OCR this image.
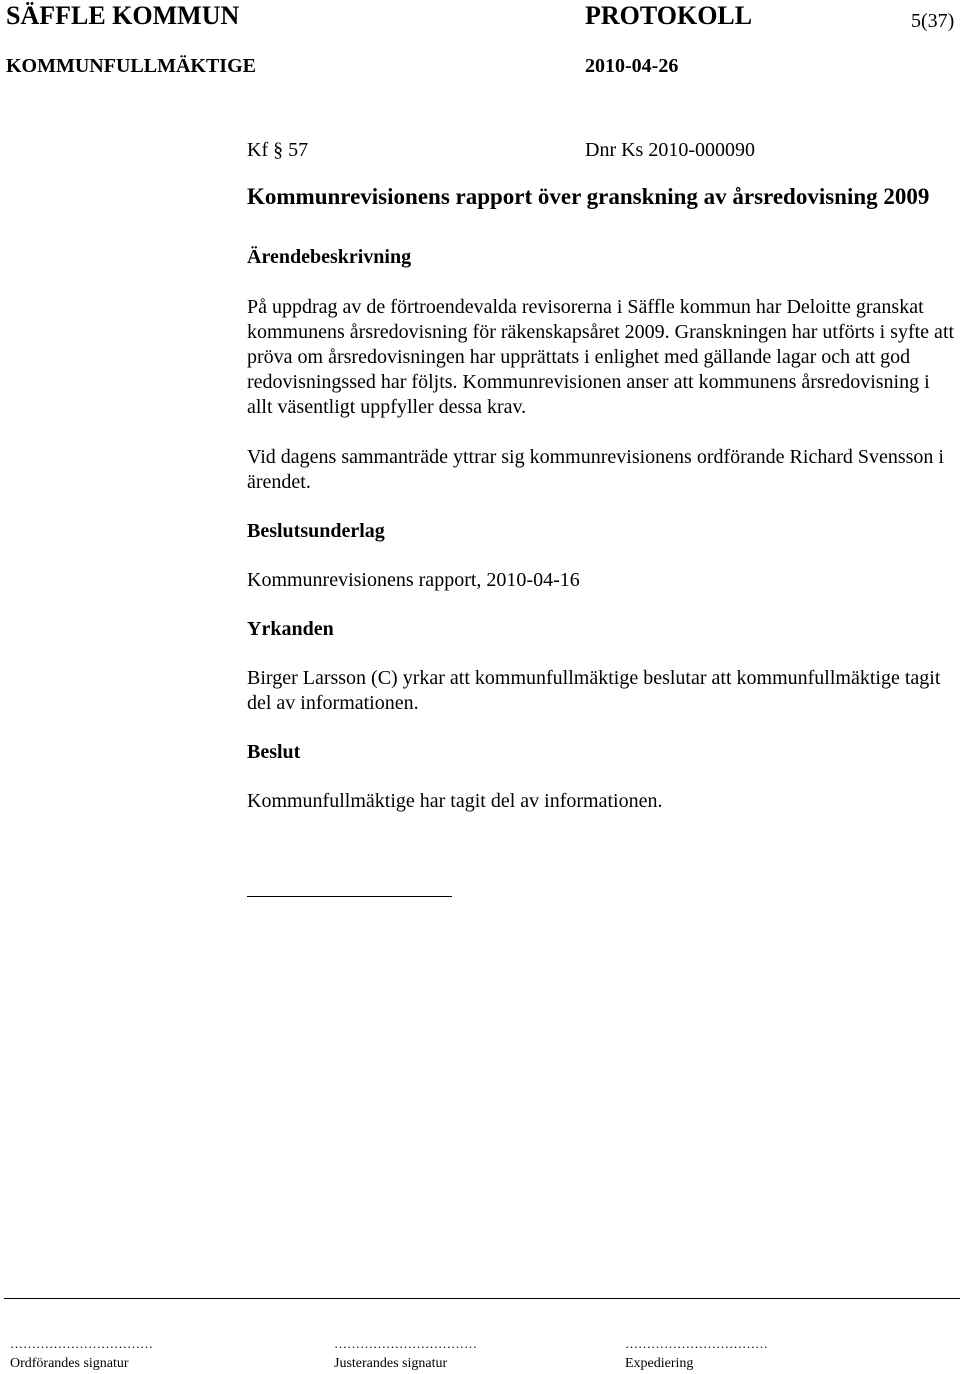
SÄFFLE KOMMUN	PROTOKOLL	5(37)
KOMMUNFULLMÄKTIGE	2010-04-26
Kf § 57	Dnr Ks 2010-000090
Kommunrevisionens rapport över granskning av årsredovisning 2009
Ärendebeskrivning

På uppdrag av de förtroendevalda revisorerna i Säffle kommun har Deloitte granskat kommunens årsredovisning för räkenskapsåret 2009. Granskningen har utförts i syfte att pröva om årsredovisningen har upprättats i enlighet med gällande lagar och att god redovisningssed har följts. Kommunrevisionen anser att kommunens årsredovisning i allt väsentligt uppfyller dessa krav.

Vid dagens sammanträde yttrar sig kommunrevisionens ordförande Richard Svensson i ärendet.

Beslutsunderlag

Kommunrevisionens rapport, 2010-04-16

Yrkanden

Birger Larsson (C) yrkar att kommunfullmäktige beslutar att kommunfullmäktige tagit del av informationen.

Beslut

Kommunfullmäktige har tagit del av informationen.

……………………………
Ordförandes signatur
……………………………
Justerandes signatur
……………………………
Expediering
